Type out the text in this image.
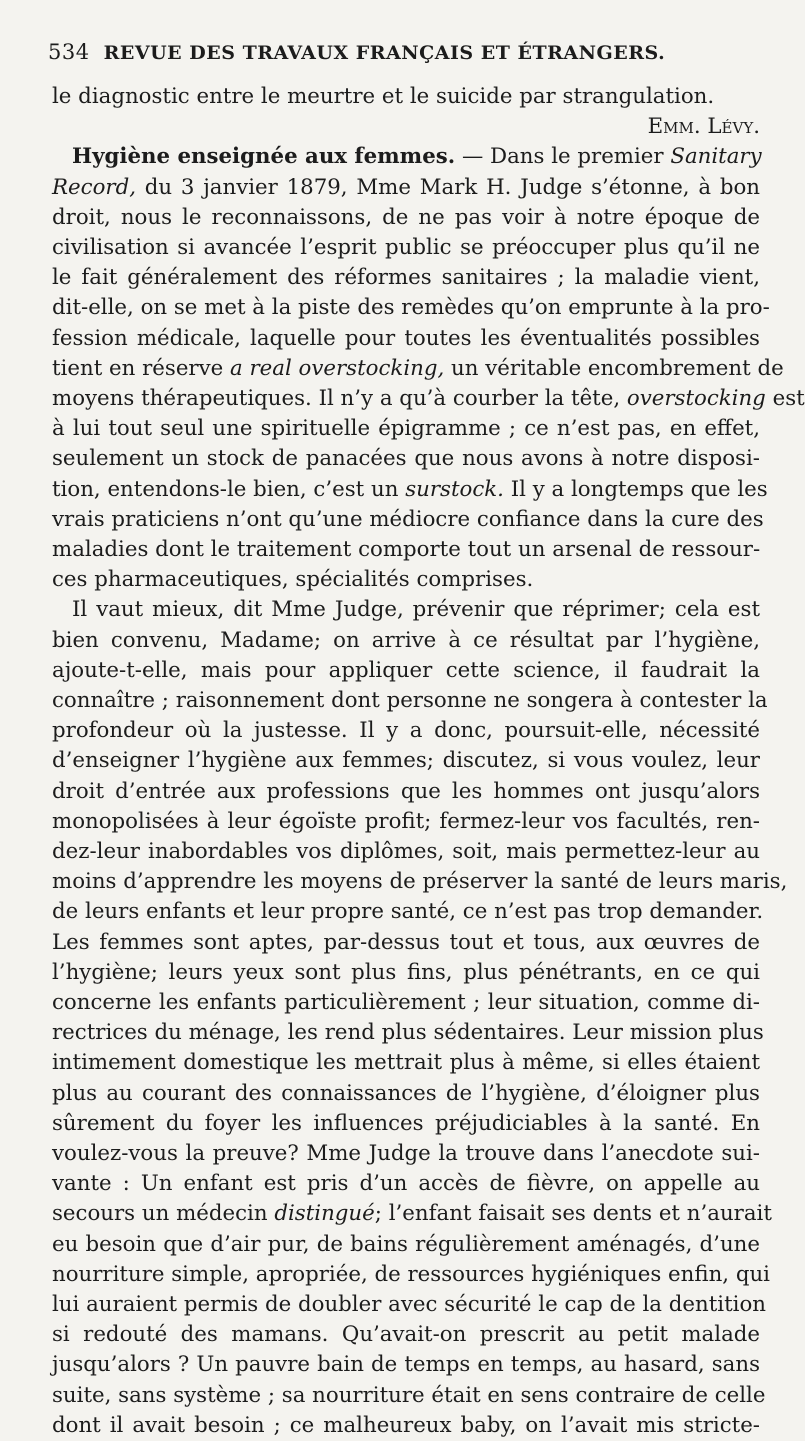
534 REVUE DES TRAVAUX FRANÇAIS ET ÉTRANGERS.
le diagnostic entre le meurtre et le suicide par strangulation.
Emm. Lévy.
Hygiène enseignée aux femmes. — Dans le premier Sanitary
Record, du 3 janvier 1879, Mme Mark H. Judge s’étonne, à bon
droit, nous le reconnaissons, de ne pas voir à notre époque de
civilisation si avancée l’esprit public se préoccuper plus qu’il ne
le fait généralement des réformes sanitaires ; la maladie vient,
dit-elle, on se met à la piste des remèdes qu’on emprunte à la pro-
fession médicale, laquelle pour toutes les éventualités possibles
tient en réserve a real overstocking, un véritable encombrement de
moyens thérapeutiques. Il n’y a qu’à courber la tête, overstocking est
à lui tout seul une spirituelle épigramme ; ce n’est pas, en effet,
seulement un stock de panacées que nous avons à notre disposi-
tion, entendons-le bien, c’est un surstock. Il y a longtemps que les
vrais praticiens n’ont qu’une médiocre confiance dans la cure des
maladies dont le traitement comporte tout un arsenal de ressour-
ces pharmaceutiques, spécialités comprises.
Il vaut mieux, dit Mme Judge, prévenir que réprimer; cela est
bien convenu, Madame; on arrive à ce résultat par l’hygiène,
ajoute-t-elle, mais pour appliquer cette science, il faudrait la
connaître ; raisonnement dont personne ne songera à contester la
profondeur où la justesse. Il y a donc, poursuit-elle, nécessité
d’enseigner l’hygiène aux femmes; discutez, si vous voulez, leur
droit d’entrée aux professions que les hommes ont jusqu’alors
monopolisées à leur égoïste profit; fermez-leur vos facultés, ren-
dez-leur inabordables vos diplômes, soit, mais permettez-leur au
moins d’apprendre les moyens de préserver la santé de leurs maris,
de leurs enfants et leur propre santé, ce n’est pas trop demander.
Les femmes sont aptes, par-dessus tout et tous, aux œuvres de
l’hygiène; leurs yeux sont plus fins, plus pénétrants, en ce qui
concerne les enfants particulièrement ; leur situation, comme di-
rectrices du ménage, les rend plus sédentaires. Leur mission plus
intimement domestique les mettrait plus à même, si elles étaient
plus au courant des connaissances de l’hygiène, d’éloigner plus
sûrement du foyer les influences préjudiciables à la santé. En
voulez-vous la preuve? Mme Judge la trouve dans l’anecdote sui-
vante : Un enfant est pris d’un accès de fièvre, on appelle au
secours un médecin distingué; l’enfant faisait ses dents et n’aurait
eu besoin que d’air pur, de bains régulièrement aménagés, d’une
nourriture simple, apropriée, de ressources hygiéniques enfin, qui
lui auraient permis de doubler avec sécurité le cap de la dentition
si redouté des mamans. Qu’avait-on prescrit au petit malade
jusqu’alors ? Un pauvre bain de temps en temps, au hasard, sans
suite, sans système ; sa nourriture était en sens contraire de celle
dont il avait besoin ; ce malheureux baby, on l’avait mis stricte-
